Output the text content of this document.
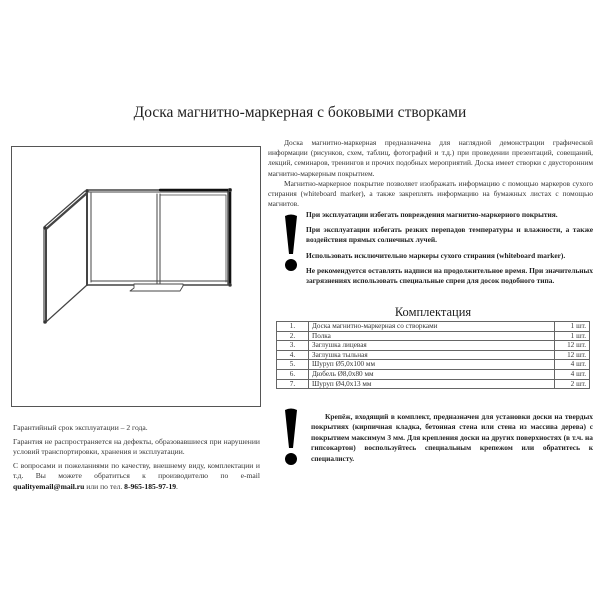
Доска магнитно-маркерная с боковыми створками

Доска магнитно-маркерная предназначена для наглядной демонстрации графической информации (рисунков, схем, таблиц, фотографий и т.д.) при проведении презентаций, совещаний, лекций, семинаров, тренингов и прочих подобных мероприятий. Доска имеет створки с двусторонним магнитно-маркерным покрытием.

Магнитно-маркерное покрытие позволяет изображать информацию с помощью маркеров сухого стирания (whiteboard marker), а также закреплять информацию на бумажных листах с помощью магнитов.

При эксплуатации избегать повреждения магнитно-маркерного покрытия.

При эксплуатации избегать резких перепадов температуры и влажности, а также воздействия прямых солнечных лучей.

Использовать исключительно маркеры сухого стирания (whiteboard marker).

Не рекомендуется оставлять надписи на продолжительное время. При значительных загрязнениях использовать специальные спреи для досок подобного типа.

Комплектация
1.	Доска магнитно-маркерная со створками	1 шт.
2.	Полка	1 шт.
3.	Заглушка лицевая	12 шт.
4.	Заглушка тыльная	12 шт.
5.	Шуруп Ø5,0x100 мм	4 шт.
6.	Дюбель Ø8,0x80 мм	4 шт.
7.	Шуруп Ø4,0x13 мм	2 шт.

Крепёж, входящий в комплект, предназначен для установки доски на твердых покрытиях (кирпичная кладка, бетонная стена или стена из массива дерева) с покрытием максимум 3 мм. Для крепления доски на других поверхностях (в т.ч. на гипсокартон) воспользуйтесь специальным крепежом или обратитесь к специалисту.

Гарантийный срок эксплуатации – 2 года.

Гарантия не распространяется на дефекты, образовавшиеся при нарушении условий транспортировки, хранения и эксплуатации.

С вопросами и пожеланиями по качеству, внешнему виду, комплектации и т.д. Вы можете обратиться к производителю по e-mail qualityemail@mail.ru или по тел. 8-965-185-97-19.
